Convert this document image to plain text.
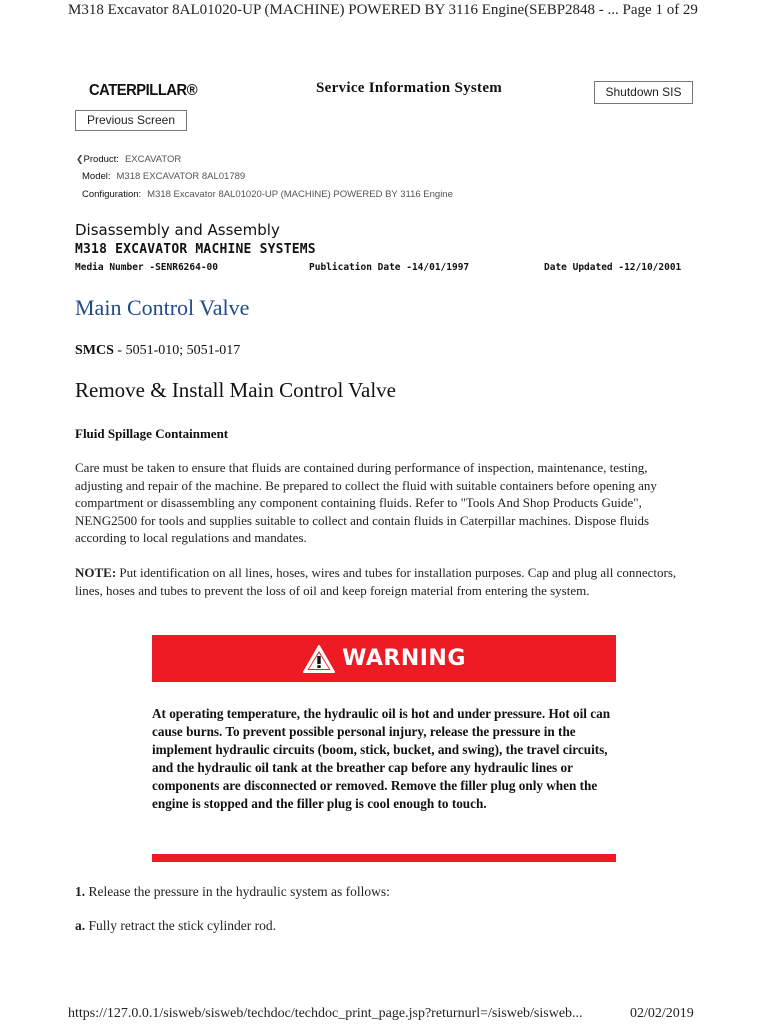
M318 Excavator 8AL01020-UP (MACHINE) POWERED BY 3116 Engine(SEBP2848 - ... Page 1 of 29
CATERPILLAR®	Service Information System	Shutdown SIS
Previous Screen
❮Product: EXCAVATOR
Model: M318 EXCAVATOR 8AL01789
Configuration: M318 Excavator 8AL01020-UP (MACHINE) POWERED BY 3116 Engine
Disassembly and Assembly
M318 EXCAVATOR MACHINE SYSTEMS
Media Number -SENR6264-00	Publication Date -14/01/1997	Date Updated -12/10/2001
Main Control Valve
SMCS - 5051-010; 5051-017
Remove & Install Main Control Valve
Fluid Spillage Containment
Care must be taken to ensure that fluids are contained during performance of inspection, maintenance, testing, adjusting and repair of the machine. Be prepared to collect the fluid with suitable containers before opening any compartment or disassembling any component containing fluids. Refer to "Tools And Shop Products Guide", NENG2500 for tools and supplies suitable to collect and contain fluids in Caterpillar machines. Dispose fluids according to local regulations and mandates.
NOTE: Put identification on all lines, hoses, wires and tubes for installation purposes. Cap and plug all connectors, lines, hoses and tubes to prevent the loss of oil and keep foreign material from entering the system.
WARNING
At operating temperature, the hydraulic oil is hot and under pressure. Hot oil can cause burns. To prevent possible personal injury, release the pressure in the implement hydraulic circuits (boom, stick, bucket, and swing), the travel circuits, and the hydraulic oil tank at the breather cap before any hydraulic lines or components are disconnected or removed. Remove the filler plug only when the engine is stopped and the filler plug is cool enough to touch.
1. Release the pressure in the hydraulic system as follows:
a. Fully retract the stick cylinder rod.
https://127.0.0.1/sisweb/sisweb/techdoc/techdoc_print_page.jsp?returnurl=/sisweb/sisweb...	02/02/2019
